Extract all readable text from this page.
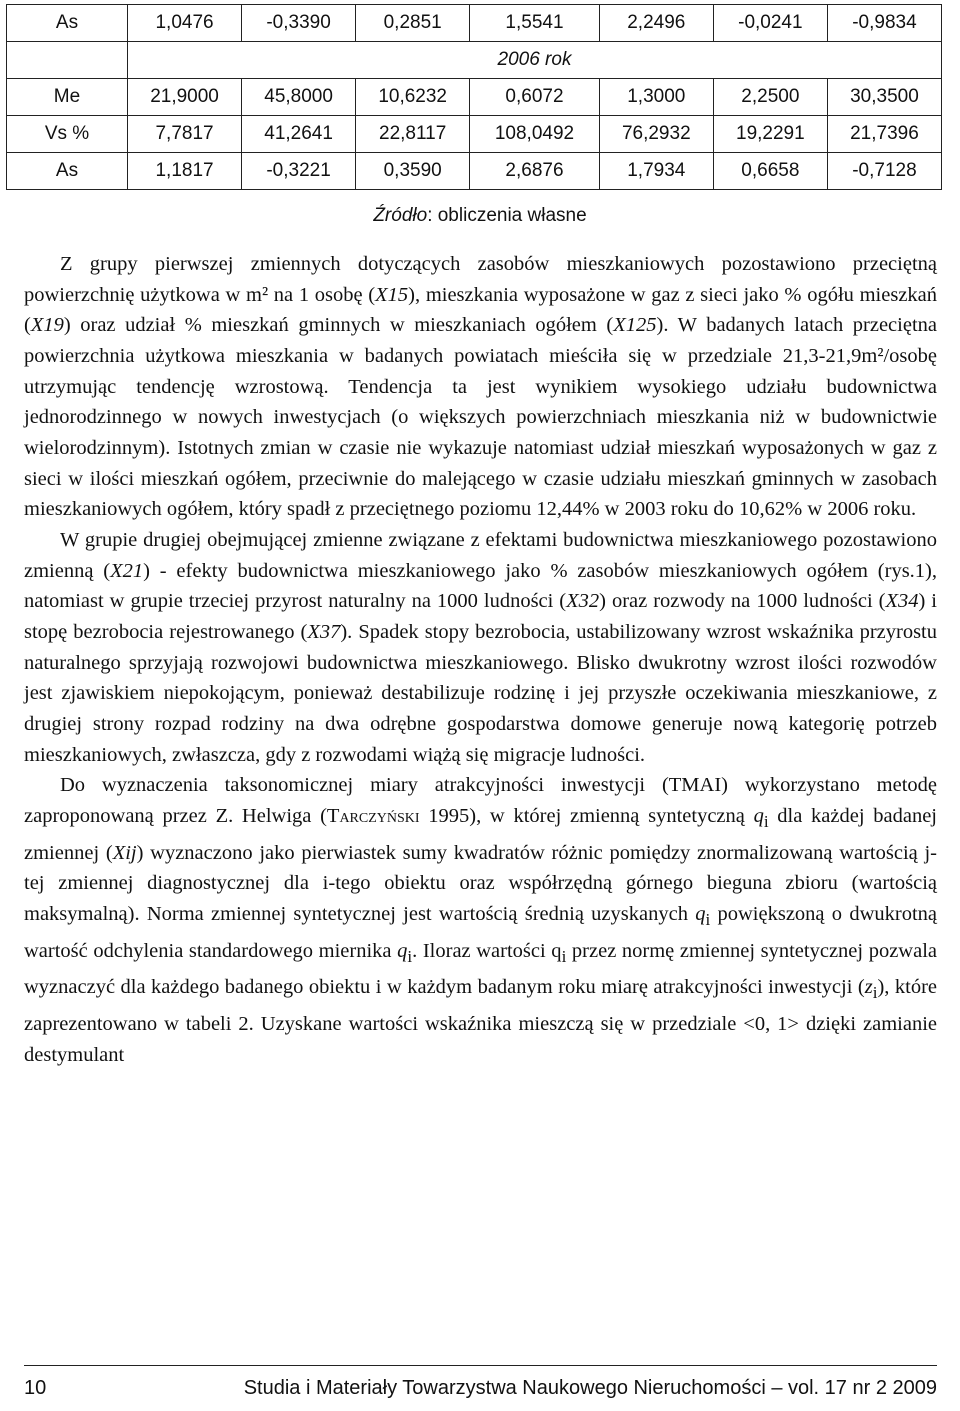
As	1,0476	-0,3390	0,2851	1,5541	2,2496	-0,0241	-0,9834
	2006 rok						
Me	21,9000	45,8000	10,6232	0,6072	1,3000	2,2500	30,3500
Vs %	7,7817	41,2641	22,8117	108,0492	76,2932	19,2291	21,7396
As	1,1817	-0,3221	0,3590	2,6876	1,7934	0,6658	-0,7128
Źródło: obliczenia własne

Z grupy pierwszej zmiennych dotyczących zasobów mieszkaniowych pozostawiono przeciętną powierzchnię użytkowa w m² na 1 osobę (X15), mieszkania wyposażone w gaz z sieci jako % ogółu mieszkań (X19) oraz udział % mieszkań gminnych w mieszkaniach ogółem (X125). W badanych latach przeciętna powierzchnia użytkowa mieszkania w badanych powiatach mieściła się w przedziale 21,3-21,9m²/osobę utrzymując tendencję wzrostową. Tendencja ta jest wynikiem wysokiego udziału budownictwa jednorodzinnego w nowych inwestycjach (o większych powierzchniach mieszkania niż w budownictwie wielorodzinnym). Istotnych zmian w czasie nie wykazuje natomiast udział mieszkań wyposażonych w gaz z sieci w ilości mieszkań ogółem, przeciwnie do malejącego w czasie udziału mieszkań gminnych w zasobach mieszkaniowych ogółem, który spadł z przeciętnego poziomu 12,44% w 2003 roku do 10,62% w 2006 roku.

W grupie drugiej obejmującej zmienne związane z efektami budownictwa mieszkaniowego pozostawiono zmienną (X21) - efekty budownictwa mieszkaniowego jako % zasobów mieszkaniowych ogółem (rys.1), natomiast w grupie trzeciej przyrost naturalny na 1000 ludności (X32) oraz rozwody na 1000 ludności (X34) i stopę bezrobocia rejestrowanego (X37). Spadek stopy bezrobocia, ustabilizowany wzrost wskaźnika przyrostu naturalnego sprzyjają rozwojowi budownictwa mieszkaniowego. Blisko dwukrotny wzrost ilości rozwodów jest zjawiskiem niepokojącym, ponieważ destabilizuje rodzinę i jej przyszłe oczekiwania mieszkaniowe, z drugiej strony rozpad rodziny na dwa odrębne gospodarstwa domowe generuje nową kategorię potrzeb mieszkaniowych, zwłaszcza, gdy z rozwodami wiążą się migracje ludności.

Do wyznaczenia taksonomicznej miary atrakcyjności inwestycji (TMAI) wykorzystano metodę zaproponowaną przez Z. Helwiga (Tarczyński 1995), w której zmienną syntetyczną $q_i$ dla każdej badanej zmiennej (Xij) wyznaczono jako pierwiastek sumy kwadratów różnic pomiędzy znormalizowaną wartością j-tej zmiennej diagnostycznej dla i-tego obiektu oraz współrzędną górnego bieguna zbioru (wartością maksymalną). Norma zmiennej syntetycznej jest wartością średnią uzyskanych $q_i$ powiększoną o dwukrotną wartość odchylenia standardowego miernika $q_i$. Iloraz wartości $q_i$ przez normę zmiennej syntetycznej pozwala wyznaczyć dla każdego badanego obiektu i w każdym badanym roku miarę atrakcyjności inwestycji $(z_i)$, które zaprezentowano w tabeli 2. Uzyskane wartości wskaźnika mieszczą się w przedziale <0, 1> dzięki zamianie destymulant

10	Studia i Materiały Towarzystwa Naukowego Nieruchomości – vol. 17 nr 2 2009
